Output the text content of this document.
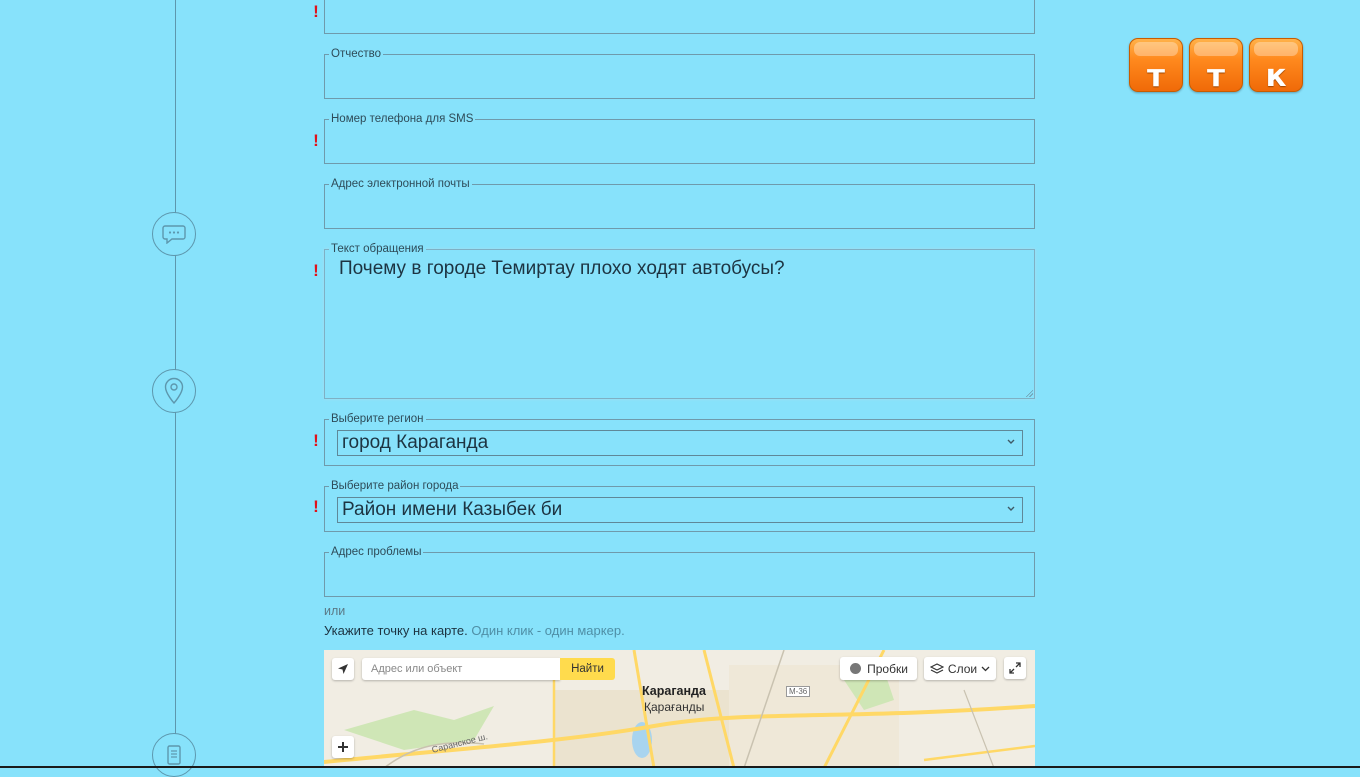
!
Отчество
Номер телефона для SMS
!
Адрес электронной почты
Текст обращения
Почему в городе Темиртау плохо ходят автобусы?
!
Выберите регион
город Караганда
!
Выберите район города
Район имени Казыбек би
!
Адрес проблемы
или
Укажите точку на карте. Один клик - один маркер.
Адрес или объект	Найти	Пробки	Слои
Караганда
Қарағанды
Саранское ш.
М-36
т	т	к
